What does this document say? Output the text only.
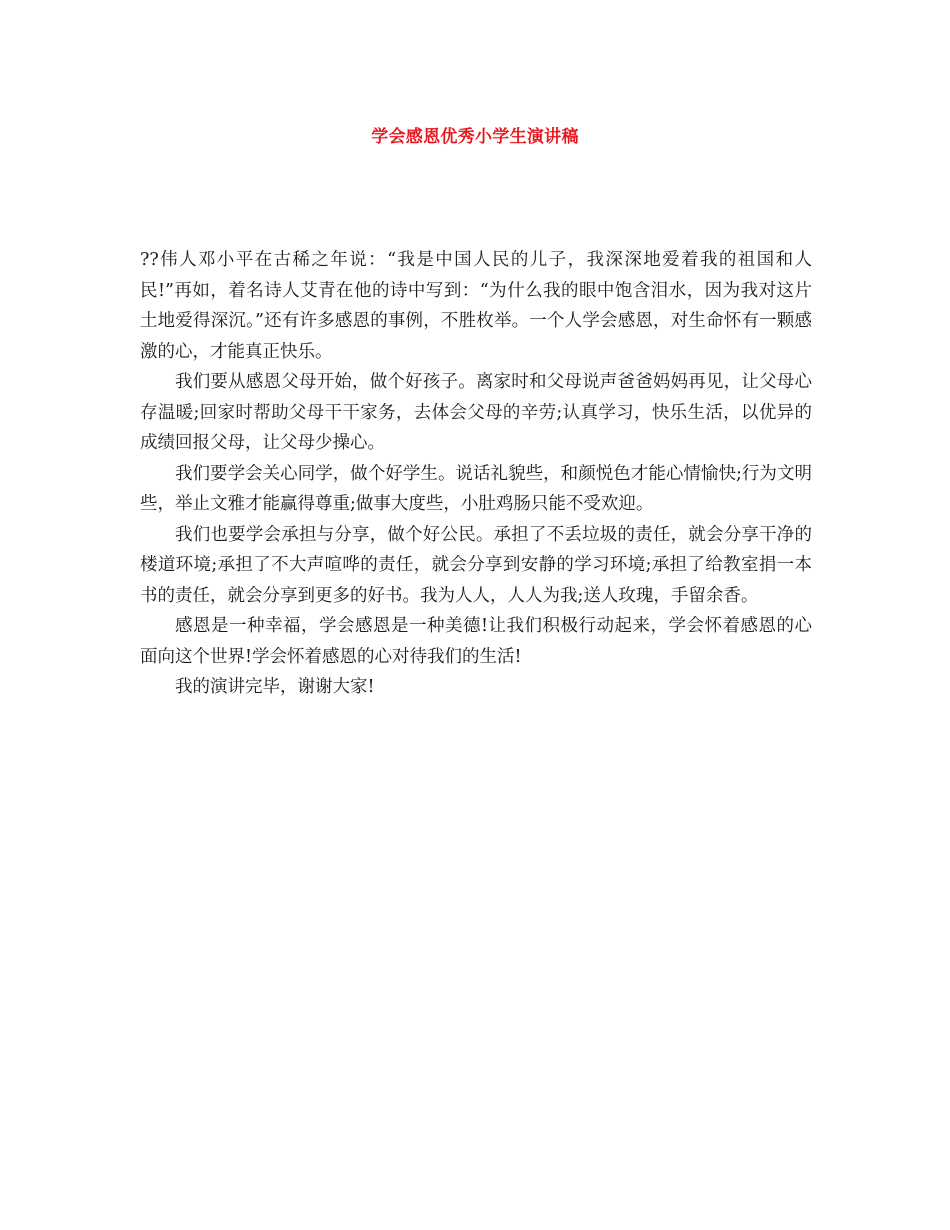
学会感恩优秀小学生演讲稿

??伟人邓小平在古稀之年说：“我是中国人民的儿子，我深深地爱着我的祖国和人民!”再如，着名诗人艾青在他的诗中写到：“为什么我的眼中饱含泪水，因为我对这片土地爱得深沉。”还有许多感恩的事例，不胜枚举。一个人学会感恩，对生命怀有一颗感激的心，才能真正快乐。

我们要从感恩父母开始，做个好孩子。离家时和父母说声爸爸妈妈再见，让父母心存温暖;回家时帮助父母干干家务，去体会父母的辛劳;认真学习，快乐生活，以优异的成绩回报父母，让父母少操心。

我们要学会关心同学，做个好学生。说话礼貌些，和颜悦色才能心情愉快;行为文明些，举止文雅才能赢得尊重;做事大度些，小肚鸡肠只能不受欢迎。

我们也要学会承担与分享，做个好公民。承担了不丢垃圾的责任，就会分享干净的楼道环境;承担了不大声喧哗的责任，就会分享到安静的学习环境;承担了给教室捐一本书的责任，就会分享到更多的好书。我为人人，人人为我;送人玫瑰，手留余香。

感恩是一种幸福，学会感恩是一种美德!让我们积极行动起来，学会怀着感恩的心面向这个世界!学会怀着感恩的心对待我们的生活!

我的演讲完毕，谢谢大家!
